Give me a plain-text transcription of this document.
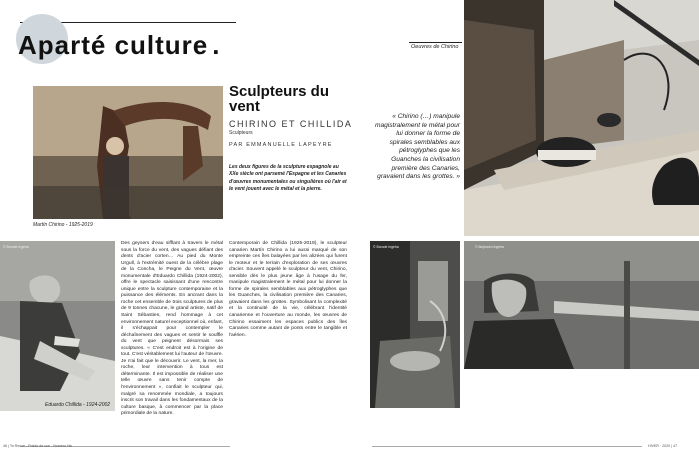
Aparté culture .	Oeuvres de Chirino
Martín Chirino - 1925-2019
Sculpteurs du vent
CHIRINO ET CHILLIDA
Sculpteurs
PAR EMMANUELLE LAPEYRE
Les deux figures de la sculpture espagnole au XXe siècle ont parsemé l'Espagne et les Canaries d'œuvres monumentales ou singulières où l'air et le vent jouent avec le métal et la pierre.
© Borode Ingeha
Eduardo Chillida - 1924-2002
Des geysers d'eau sifflant à travers le métal sous la force du vent, des vagues défiant des dents d'acier corten… Au pied du Monte Urgull, à l'extrémité ouest de la célèbre plage de la Concha, le Peigne du Vent, œuvre monumentale d'Eduardo Chillida (1924-2002), offre le spectacle saisissant d'une rencontre unique entre la sculpture contemporaine et la puissance des éléments. En ancrant dans la roche cet ensemble de trois sculptures de plus de 9 tonnes chacune, le grand artiste, natif de Saint Sébastien, rend hommage à cet environnement naturel exceptionnel où, enfant, il s'échappait pour contempler le déchaînement des vagues et sentir le souffle du vent que peignent désormais ses sculptures. « C'est endroit est à l'origine de tout. C'est véritablement lui l'auteur de l'œuvre. Je n'ai fait que le découvrir. Le vent, la mer, la roche, leur intervention à tous est déterminante. Il est impossible de réaliser une telle œuvre sans tenir compte de l'environnement », confiait le sculpteur qui, malgré sa renommée mondiale, a toujours inscrit son travail dans les fondamentaux de la culture basque, à commencer par la place primordiale de la nature.
Contemporain de Chillida (1925-2019), le sculpteur canarien Martín Chirino a lui aussi marqué de son empreinte ces îles balayées par les alizées qui furent le moteur et le terrain d'exploration de ses œuvres d'acier. Souvent appelé le sculpteur du vent, Chirino, sensible dès le plus jeune âge à l'usage du fer, manipule magistralement le métal pour lui donner la forme de spirales semblables aux pétroglyphes que les Guanches, la civilisation première des Canaries, gravaient dans les grottes. Symbolisant la complexité et la continuité de la vie, célébrant l'identité canarienne et l'ouverture au monde, les œuvres de Chirino essaiment les espaces publics des îles Canaries comme autant de ponts entre le tangible et l'aérien.
« Chirino (…) manipule magistralement le métal pour lui donner la forme de spirales semblables aux pétroglyphes que les Guanches la civilisation première des Canaries, gravaient dans les grottes. »
© Borode Ingeha	© Alejandro Ingeha
46 | Ta Revue - Points de vue - Numéro Hiv	HIVER · 2020 | 47
